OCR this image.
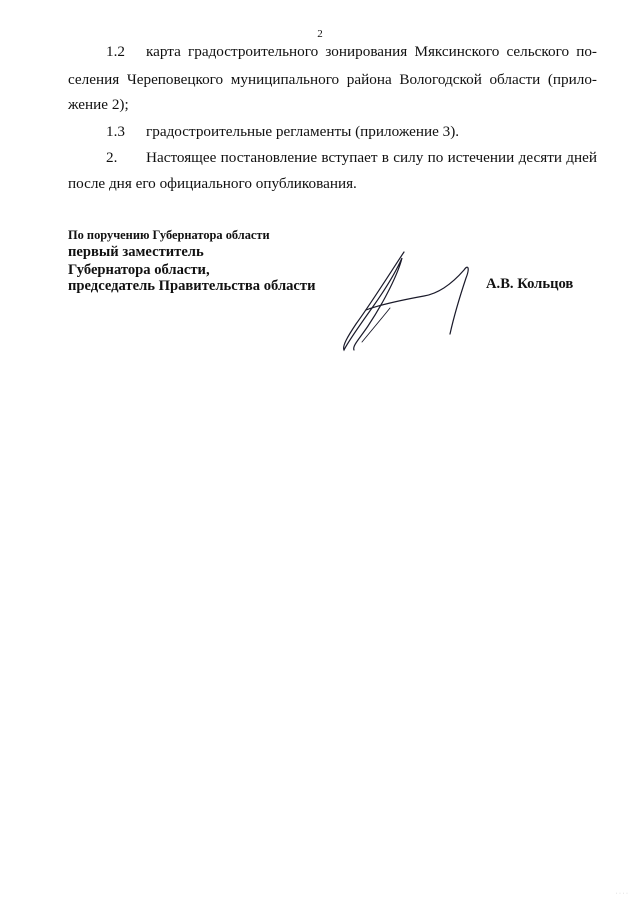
2
1.2 карта градостроительного зонирования Мяксинского сельского по-
селения Череповецкого муниципального района Вологодской области (прило-
жение 2);
1.3 градостроительные регламенты (приложение 3).
2. Настоящее постановление вступает в силу по истечении десяти дней
после дня его официального опубликования.
По поручению Губернатора области
первый заместитель
Губернатора области,
председатель Правительства области	А.В. Кольцов
· · · ·
